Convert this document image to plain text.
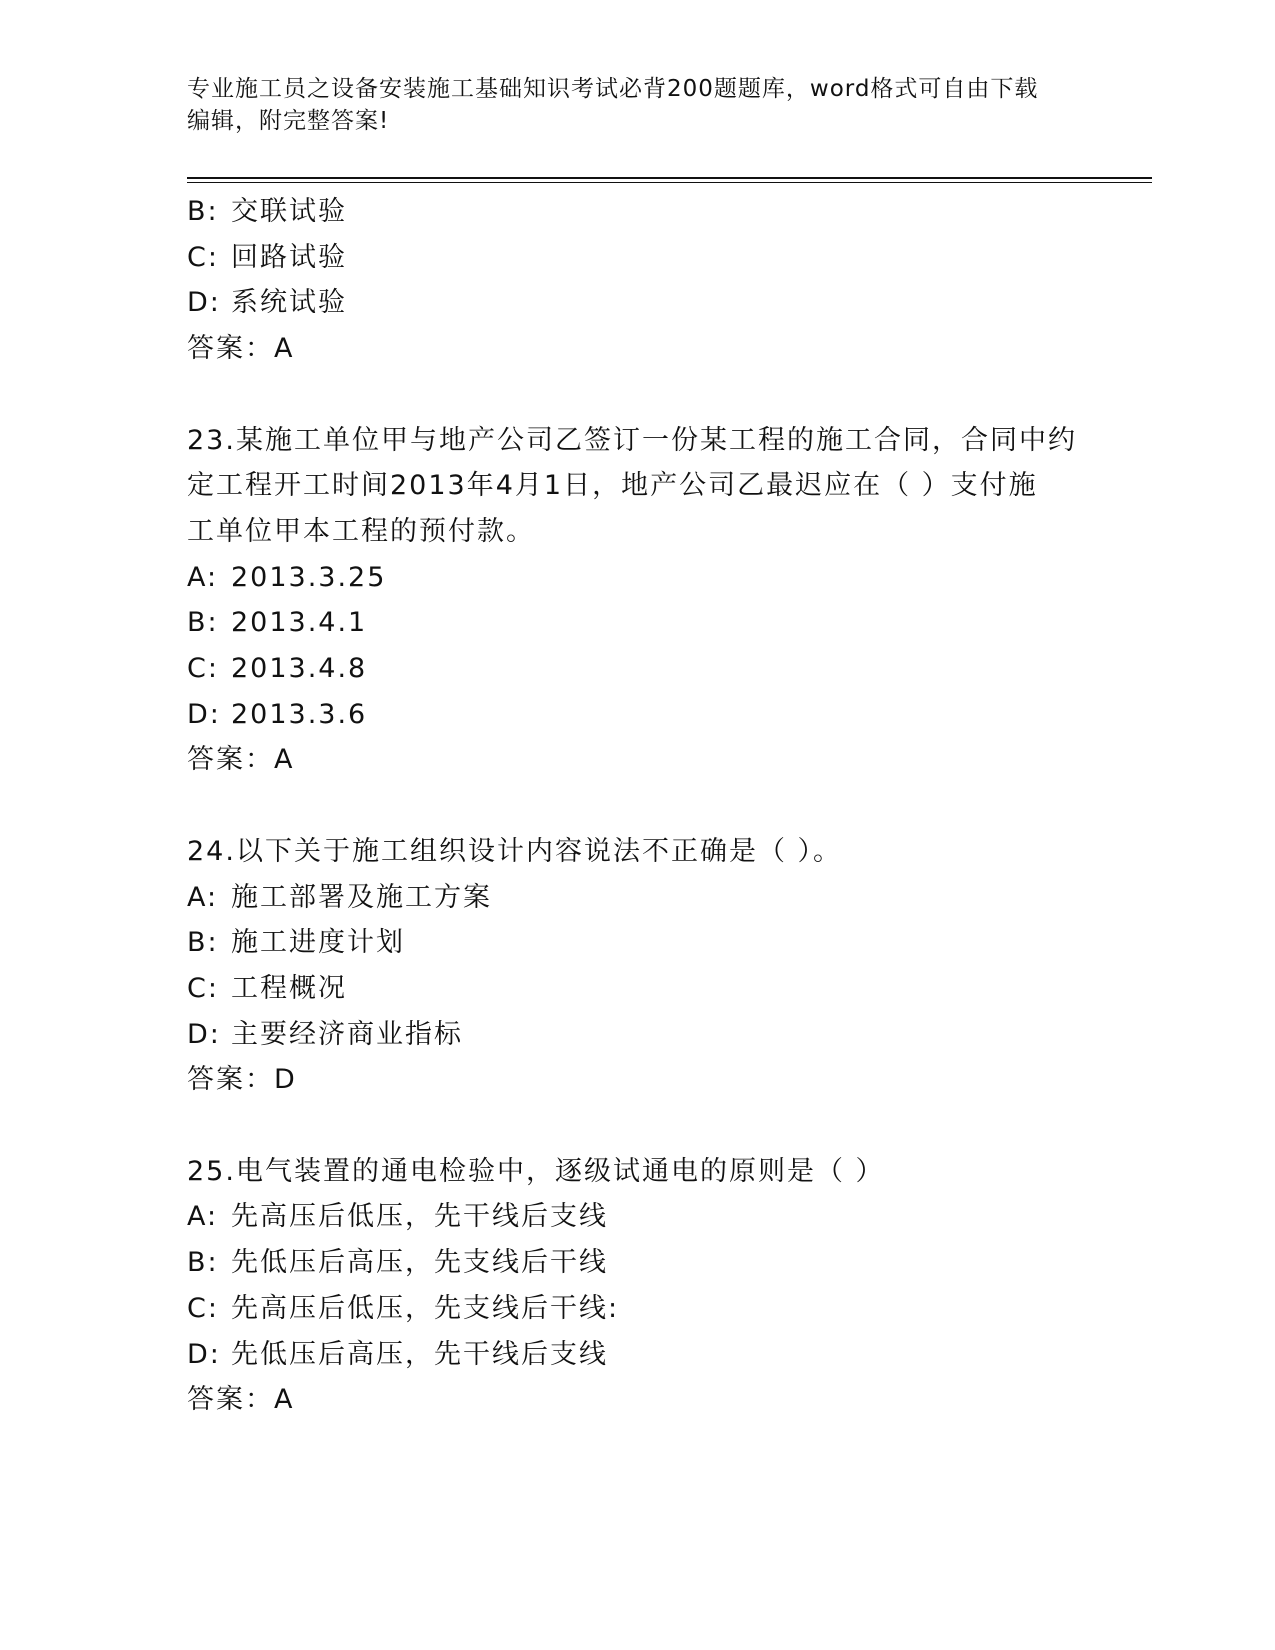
专业施工员之设备安装施工基础知识考试必背200题题库，word格式可自由下载
编辑，附完整答案!
B: 交联试验
C: 回路试验
D: 系统试验
答案：A
23.某施工单位甲与地产公司乙签订一份某工程的施工合同，合同中约
定工程开工时间2013年4月1日，地产公司乙最迟应在（ ）支付施
工单位甲本工程的预付款。
A: 2013.3.25
B: 2013.4.1
C: 2013.4.8
D: 2013.3.6
答案：A
24.以下关于施工组织设计内容说法不正确是（ ）。
A: 施工部署及施工方案
B: 施工进度计划
C: 工程概况
D: 主要经济商业指标
答案：D
25.电气装置的通电检验中，逐级试通电的原则是（ ）
A: 先高压后低压，先干线后支线
B: 先低压后高压，先支线后干线
C: 先高压后低压，先支线后干线:
D: 先低压后高压，先干线后支线
答案：A
